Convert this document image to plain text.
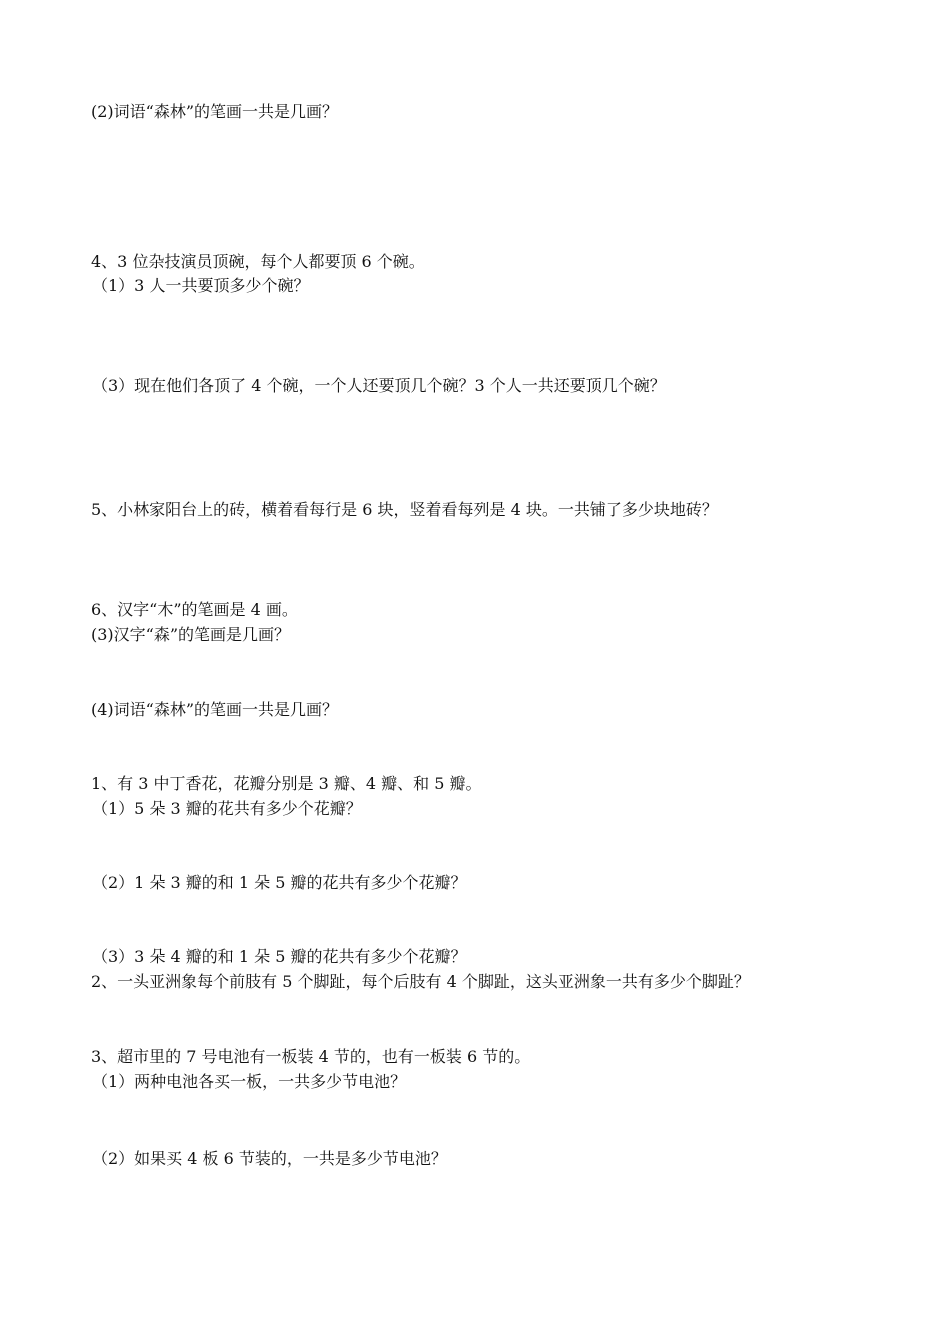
(2)词语“森林”的笔画一共是几画？
4、3 位杂技演员顶碗，每个人都要顶 6 个碗。
（1）3 人一共要顶多少个碗？
（3）现在他们各顶了 4 个碗，一个人还要顶几个碗？3 个人一共还要顶几个碗？
5、小林家阳台上的砖，横着看每行是 6 块，竖着看每列是 4 块。一共铺了多少块地砖？
6、汉字“木”的笔画是 4 画。
(3)汉字“森”的笔画是几画？
(4)词语“森林”的笔画一共是几画？
1、有 3 中丁香花，花瓣分别是 3 瓣、4 瓣、和 5 瓣。
（1）5 朵 3 瓣的花共有多少个花瓣？
（2）1 朵 3 瓣的和 1 朵 5 瓣的花共有多少个花瓣？
（3）3 朵 4 瓣的和 1 朵 5 瓣的花共有多少个花瓣？
2、一头亚洲象每个前肢有 5 个脚趾，每个后肢有 4 个脚趾，这头亚洲象一共有多少个脚趾？
3、超市里的 7 号电池有一板装 4 节的，也有一板装 6 节的。
（1）两种电池各买一板，一共多少节电池？
（2）如果买 4 板 6 节装的，一共是多少节电池？
